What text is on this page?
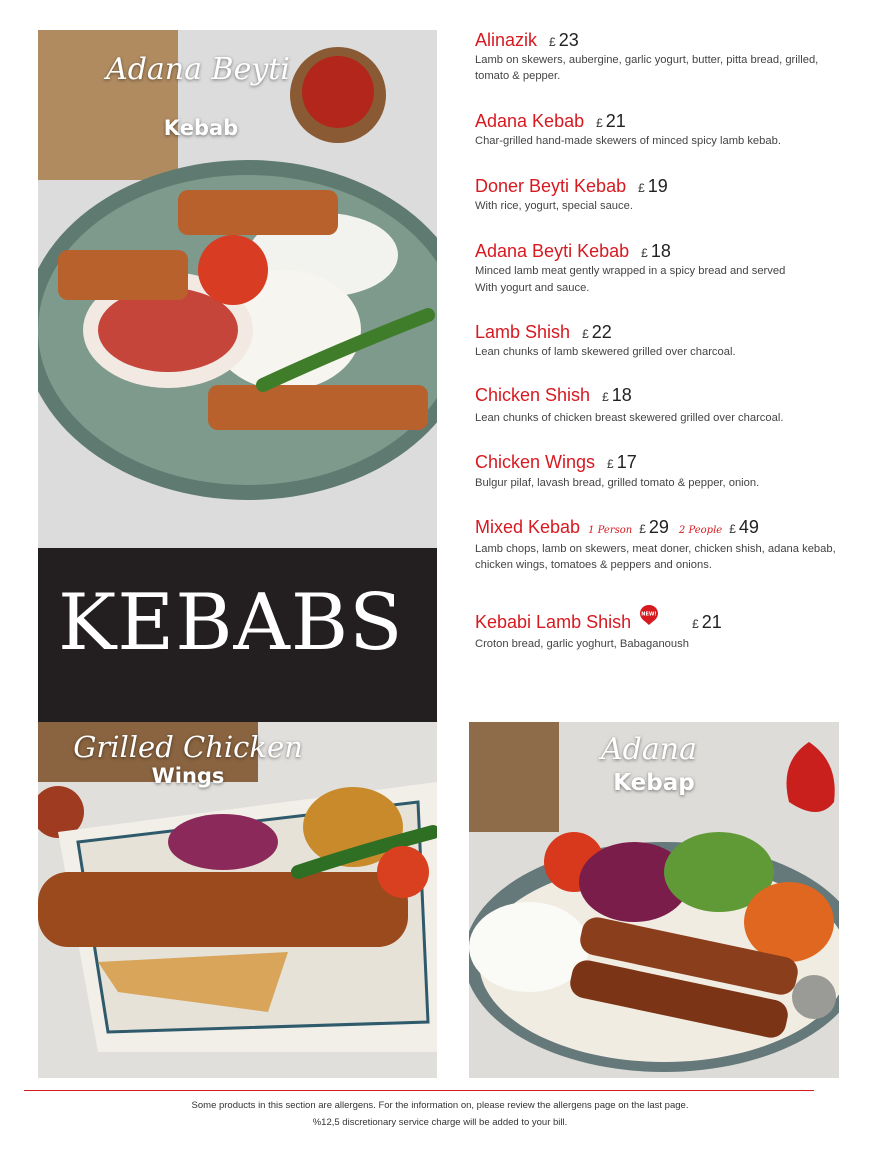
Adana Beyti
Kebab
KEBABS
Grilled Chicken
Wings
Adana
Kebap
Alinazik £ 23
Lamb on skewers, aubergine, garlic yogurt, butter, pitta bread, grilled, tomato & pepper.
Adana Kebab £ 21
Char-grilled hand-made skewers of minced spicy lamb kebab.
Doner Beyti Kebab £ 19
With rice, yogurt, special sauce.
Adana Beyti Kebab £ 18
Minced lamb meat gently wrapped in a spicy bread and served
With yogurt and sauce.
Lamb Shish £ 22
Lean chunks of lamb skewered grilled over charcoal.
Chicken Shish £ 18
Lean chunks of chicken breast skewered grilled over charcoal.
Chicken Wings £ 17
Bulgur pilaf, lavash bread, grilled tomato & pepper, onion.
Mixed Kebab 1 Person £ 29 2 People £ 49
Lamb chops, lamb on skewers, meat doner, chicken shish, adana kebab, chicken wings, tomatoes & peppers and onions.
Kebabi Lamb Shish NEW!
£ 21
Croton bread, garlic yoghurt, Babaganoush
Some products in this section are allergens. For the information on, please review the allergens page on the last page.
%12,5 discretionary service charge will be added to your bill.
